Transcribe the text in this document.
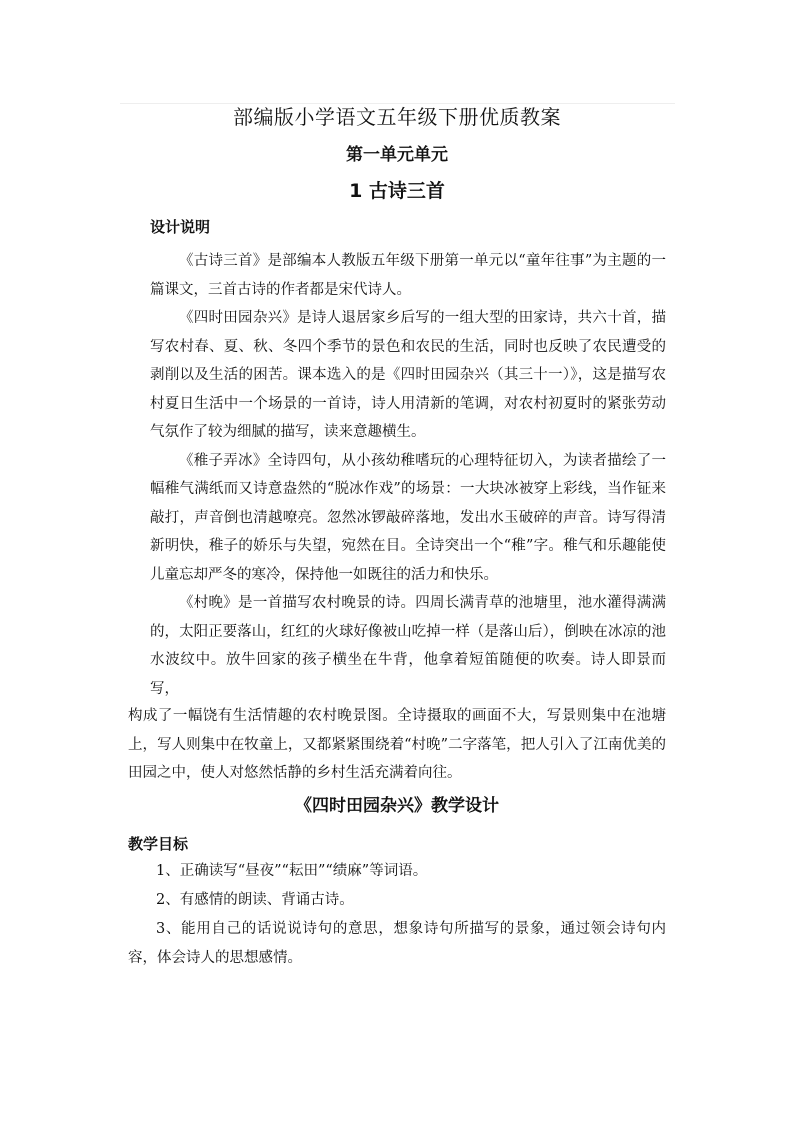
部编版小学语文五年级下册优质教案
第一单元单元
1 古诗三首
设计说明

《古诗三首》是部编本人教版五年级下册第一单元以“童年往事”为主题的一篇课文，三首古诗的作者都是宋代诗人。

《四时田园杂兴》是诗人退居家乡后写的一组大型的田家诗，共六十首，描写农村春、夏、秋、冬四个季节的景色和农民的生活，同时也反映了农民遭受的剥削以及生活的困苦。课本选入的是《四时田园杂兴（其三十一）》，这是描写农村夏日生活中一个场景的一首诗，诗人用清新的笔调，对农村初夏时的紧张劳动气氛作了较为细腻的描写，读来意趣横生。

《稚子弄冰》全诗四句，从小孩幼稚嗜玩的心理特征切入，为读者描绘了一幅稚气满纸而又诗意盎然的“脱冰作戏”的场景：一大块冰被穿上彩线，当作钲来敲打，声音倒也清越嘹亮。忽然冰锣敲碎落地，发出水玉破碎的声音。诗写得清新明快，稚子的娇乐与失望，宛然在目。全诗突出一个“稚”字。稚气和乐趣能使儿童忘却严冬的寒冷，保持他一如既往的活力和快乐。

《村晚》是一首描写农村晚景的诗。四周长满青草的池塘里，池水灌得满满的，太阳正要落山，红红的火球好像被山吃掉一样（是落山后），倒映在冰凉的池水波纹中。放牛回家的孩子横坐在牛背，他拿着短笛随便的吹奏。诗人即景而写，

构成了一幅饶有生活情趣的农村晚景图。全诗摄取的画面不大，写景则集中在池塘上，写人则集中在牧童上，又都紧紧围绕着“村晚”二字落笔，把人引入了江南优美的田园之中，使人对悠然恬静的乡村生活充满着向往。

《四时田园杂兴》教学设计
教学目标

1、正确读写“昼夜”“耘田”“绩麻”等词语。

2、有感情的朗读、背诵古诗。

3、能用自己的话说说诗句的意思，想象诗句所描写的景象，通过领会诗句内容，体会诗人的思想感情。
